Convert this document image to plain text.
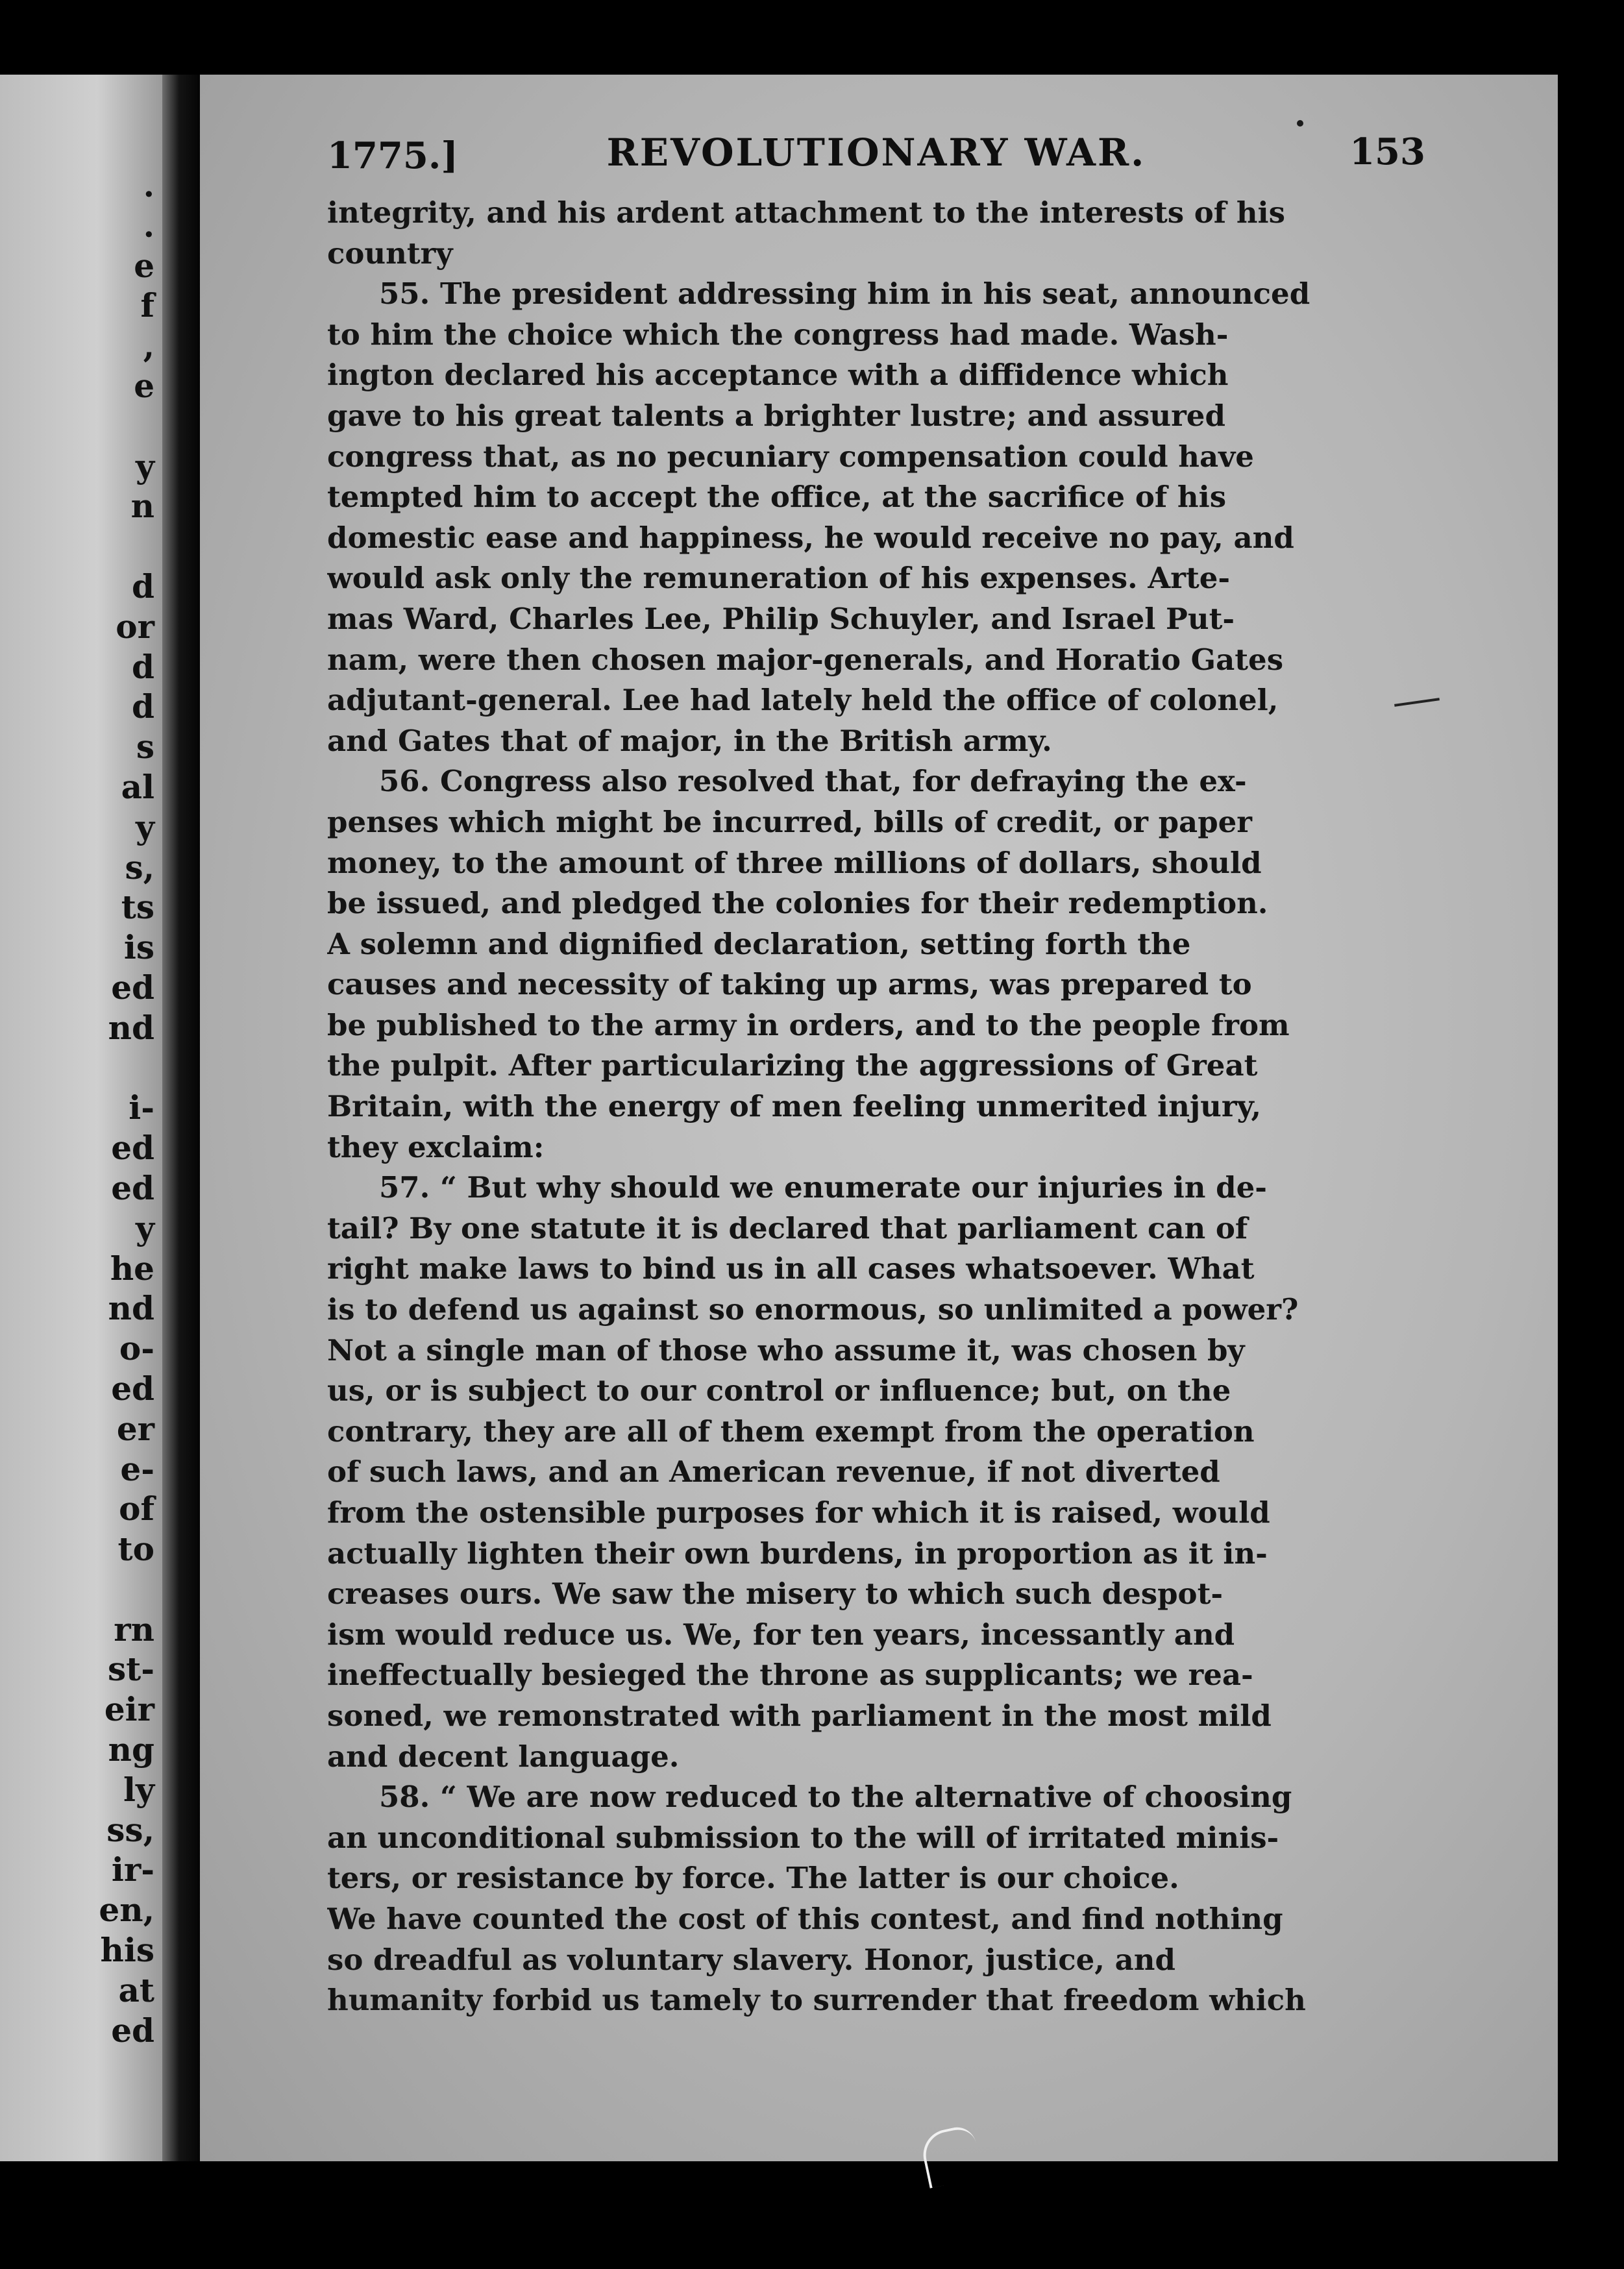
.
.
e
f
,
e
y
n
d
or
d
d
s
al
y
s,
ts
is
ed
nd
i-
ed
ed
y
he
nd
o-
ed
er
e-
of
to
rn
st-
eir
ng
ly
ss,
ir-
en,
his
at
ed
1775.]	REVOLUTIONARY WAR.	153
integrity, and his ardent attachment to the interests of his
country
55. The president addressing him in his seat, announced
to him the choice which the congress had made. Wash-
ington declared his acceptance with a diffidence which
gave to his great talents a brighter lustre; and assured
congress that, as no pecuniary compensation could have
tempted him to accept the office, at the sacrifice of his
domestic ease and happiness, he would receive no pay, and
would ask only the remuneration of his expenses. Arte-
mas Ward, Charles Lee, Philip Schuyler, and Israel Put-
nam, were then chosen major-generals, and Horatio Gates
adjutant-general. Lee had lately held the office of colonel,
and Gates that of major, in the British army.
56. Congress also resolved that, for defraying the ex-
penses which might be incurred, bills of credit, or paper
money, to the amount of three millions of dollars, should
be issued, and pledged the colonies for their redemption.
A solemn and dignified declaration, setting forth the
causes and necessity of taking up arms, was prepared to
be published to the army in orders, and to the people from
the pulpit. After particularizing the aggressions of Great
Britain, with the energy of men feeling unmerited injury,
they exclaim:
57. “ But why should we enumerate our injuries in de-
tail? By one statute it is declared that parliament can of
right make laws to bind us in all cases whatsoever. What
is to defend us against so enormous, so unlimited a power?
Not a single man of those who assume it, was chosen by
us, or is subject to our control or influence; but, on the
contrary, they are all of them exempt from the operation
of such laws, and an American revenue, if not diverted
from the ostensible purposes for which it is raised, would
actually lighten their own burdens, in proportion as it in-
creases ours. We saw the misery to which such despot-
ism would reduce us. We, for ten years, incessantly and
ineffectually besieged the throne as supplicants; we rea-
soned, we remonstrated with parliament in the most mild
and decent language.
58. “ We are now reduced to the alternative of choosing
an unconditional submission to the will of irritated minis-
ters, or resistance by force. The latter is our choice.
We have counted the cost of this contest, and find nothing
so dreadful as voluntary slavery. Honor, justice, and
humanity forbid us tamely to surrender that freedom which
